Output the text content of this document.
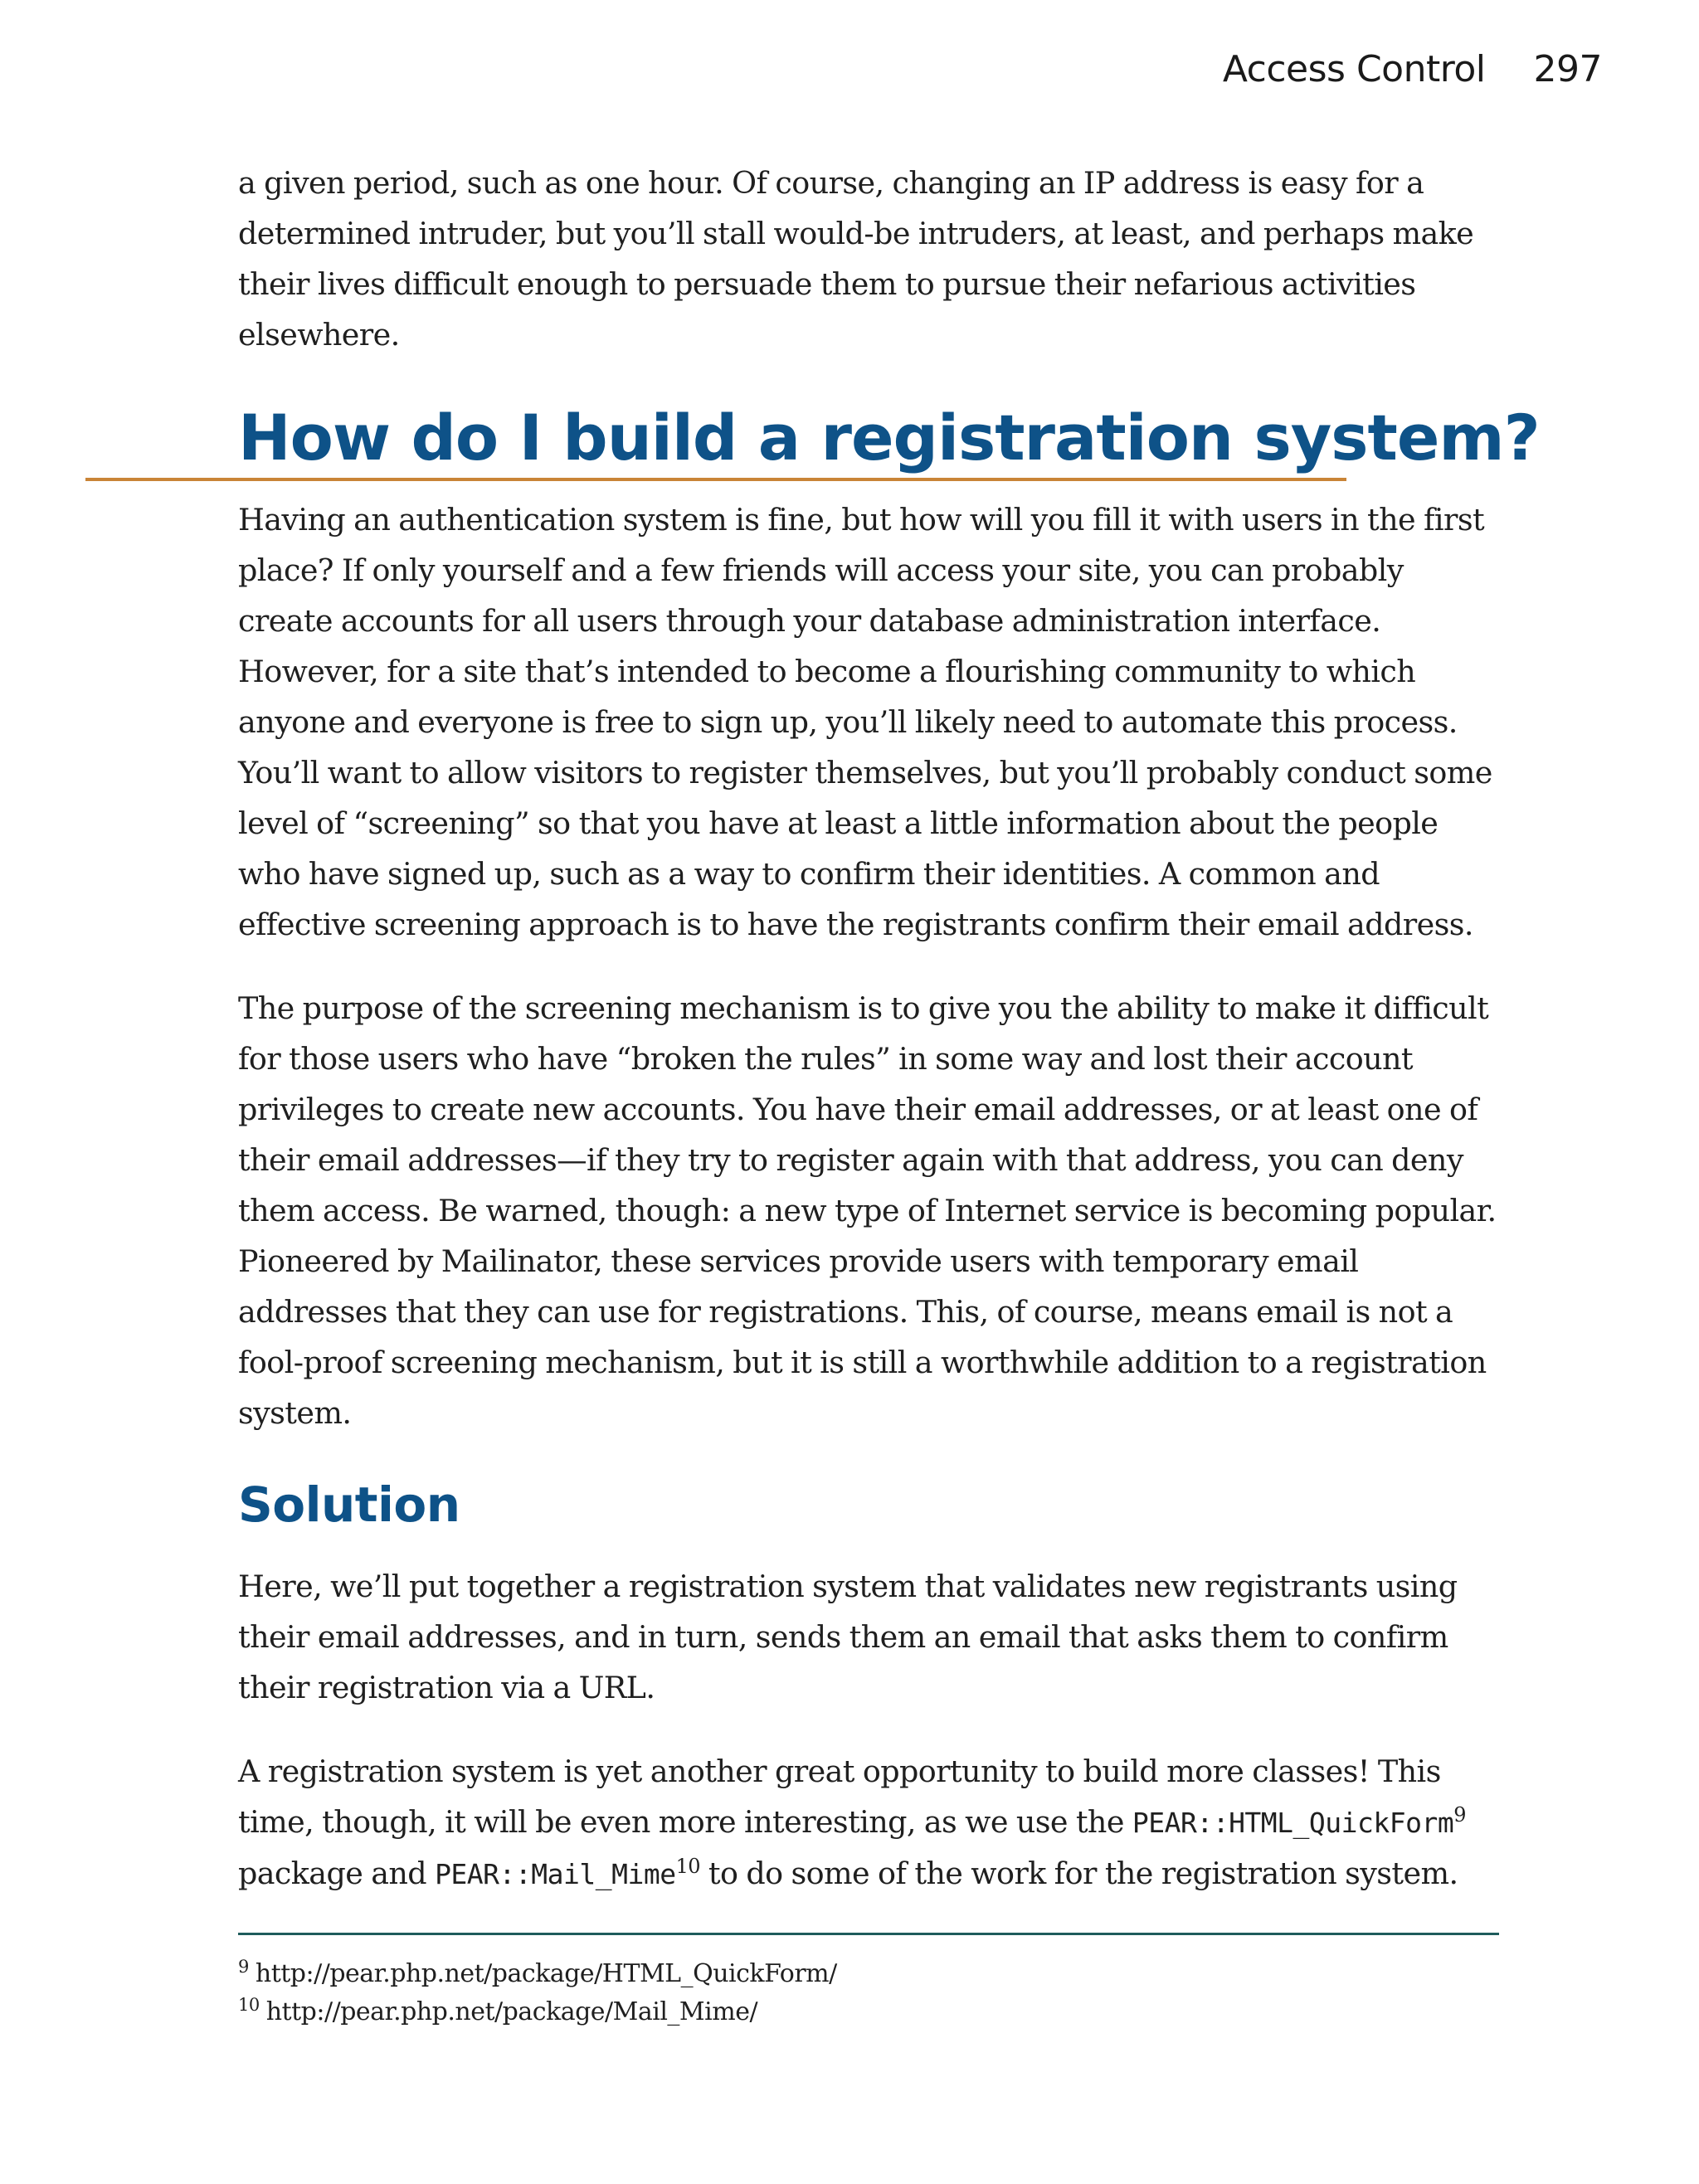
Access Control 297

a given period, such as one hour. Of course, changing an IP address is easy for a determined intruder, but you’ll stall would-be intruders, at least, and perhaps make their lives difficult enough to persuade them to pursue their nefarious activities elsewhere.

How do I build a registration system?

Having an authentication system is fine, but how will you fill it with users in the first place? If only yourself and a few friends will access your site, you can probably create accounts for all users through your database administration interface. However, for a site that’s intended to become a flourishing community to which anyone and everyone is free to sign up, you’ll likely need to automate this process. You’ll want to allow visitors to register themselves, but you’ll probably conduct some level of “screening” so that you have at least a little information about the people who have signed up, such as a way to confirm their identities. A common and effective screening approach is to have the registrants confirm their email address.

The purpose of the screening mechanism is to give you the ability to make it difficult for those users who have “broken the rules” in some way and lost their account privileges to create new accounts. You have their email addresses, or at least one of their email addresses—if they try to register again with that address, you can deny them access. Be warned, though: a new type of Internet service is becoming popular. Pioneered by Mailinator, these services provide users with temporary email addresses that they can use for registrations. This, of course, means email is not a fool-proof screening mechanism, but it is still a worthwhile addition to a registration system.

Solution

Here, we’ll put together a registration system that validates new registrants using their email addresses, and in turn, sends them an email that asks them to confirm their registration via a URL.

A registration system is yet another great opportunity to build more classes! This time, though, it will be even more interesting, as we use the PEAR::HTML_QuickForm$^9$ package and PEAR::Mail_Mime$^{10}$ to do some of the work for the registration system.

$^9$ http://pear.php.net/package/HTML_QuickForm/
$^{10}$ http://pear.php.net/package/Mail_Mime/
